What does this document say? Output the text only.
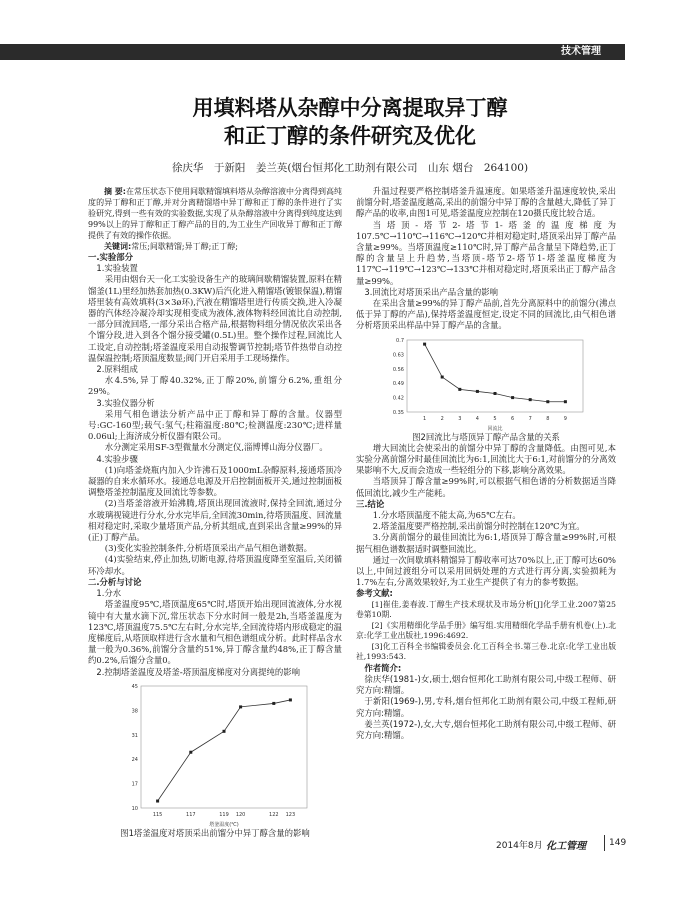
技术管理
用填料塔从杂醇中分离提取异丁醇
和正丁醇的条件研究及优化
徐庆华　于新阳　姜兰英(烟台恒邦化工助剂有限公司　山东 烟台　264100)

摘 要:在常压状态下使用间歇精馏填料塔从杂醇溶液中分离得到高纯度的异丁醇和正丁醇,并对分离精馏塔中异丁醇和正丁醇的条件进行了实验研究,得到一些有效的实验数据,实现了从杂醇溶液中分离得到纯度达到99%以上的异丁醇和正丁醇产品的目的,为工业生产回收异丁醇和正丁醇提供了有效的操作依据。

关键词:常压;间歇精馏;异丁醇;正丁醇;

一.实验部分

1.实验装置

采用由烟台天一化工实验设备生产的玻璃间歇精馏装置,原料在精馏釜(1L)里经加热套加热(0.3KW)后汽化进入精馏塔(镀银保温),精馏塔里装有高效填料(3×3ø环),汽液在精馏塔里进行传质交换,进入冷凝器的汽体经冷凝冷却实现相变成为液体,液体物料经回流比自动控制,一部分回流回塔,一部分采出合格产品,根据物料组分情况依次采出各个馏分段,进入到各个馏分接受罐(0.5L)里。整个操作过程,回流比人工设定,自动控制;塔釜温度采用自动报警调节控制;塔节件热带自动控温保温控制;塔顶温度数显;阀门开启采用手工现场操作。

2.原料组成

水4.5%,异丁醇40.32%,正丁醇20%,前馏分6.2%,重组分29%。

3.实验仪器分析

采用气相色谱法分析产品中正丁醇和异丁醇的含量。仪器型号:GC-160型;载气:氢气;柱箱温度:80℃;检测温度:230℃;进样量0.06ul;上海济成分析仪器有限公司。

水分测定采用SF-3型微量水分测定仪,淄博博山海分仪器厂。

4.实验步骤

(1)向塔釜烧瓶内加入少许沸石及1000mL杂醇原料,接通塔顶冷凝器的自来水循环水。接通总电源及开启控制面板开关,通过控制面板调整塔釜控制温度及回流比等参数。

(2)当塔釜溶液开始沸腾,塔顶出现回流液时,保持全回流,通过分水玻璃视镜进行分水,分水完毕后,全回流30min,待塔顶温度、回流量相对稳定时,采取少量塔顶产品,分析其组成,直到采出含量≥99%的异(正)丁醇产品。

(3)变化实验控制条件,分析塔顶采出产品气相色谱数据。

(4)实验结束,停止加热,切断电源,待塔顶温度降至室温后,关闭循环冷却水。

二.分析与讨论

1.分水

塔釜温度95℃,塔顶温度65℃时,塔顶开始出现回流液体,分水视镜中有大量水滴下沉,常压状态下分水时间一般是2h,当塔釜温度为123℃,塔顶温度75.5℃左右时,分水完毕,全回流待塔内形成稳定的温度梯度后,从塔顶取样进行含水量和气相色谱组成分析。此时样品含水量一般为0.36%,前馏分含量约51%,异丁醇含量约48%,正丁醇含量约0.2%,后馏分含量0。

2.控制塔釜温度及塔釜-塔顶温度梯度对分离提纯的影响

115	117	119 120	122 123
10
17
24
31
38
45
塔釜温度(℃)

图1塔釜温度对塔顶采出前馏分中异丁醇含量的影响

升温过程要严格控制塔釜升温速度。如果塔釜升温速度较快,采出前馏分时,塔釜温度越高,采出的前馏分中异丁醇的含量越大,降低了异丁醇产品的收率,由图1可见,塔釜温度应控制在120摄氏度比较合适。

当塔顶-塔节2-塔节1-塔釜的温度梯度为107.5℃→110℃→116℃→120℃并相对稳定时,塔顶采出异丁醇产品含量≥99%。当塔顶温度≥110℃时,异丁醇产品含量呈下降趋势,正丁醇的含量呈上升趋势,当塔顶-塔节2-塔节1-塔釜温度梯度为117℃→119℃→123℃→133℃并相对稳定时,塔顶采出正丁醇产品含量≥99%。

3.回流比对塔顶采出产品含量的影响

在采出含量≥99%的异丁醇产品前,首先分离原料中的前馏分(沸点低于异丁醇的产品),保持塔釜温度恒定,设定不同的回流比,由气相色谱分析塔顶采出样品中异丁醇产品的含量。

1	2	3	4	5	6	7	8	9
0.35
0.42
0.49
0.56
0.63
0.7
回流比

图2回流比与塔顶异丁醇产品含量的关系

增大回流比会使采出的前馏分中异丁醇的含量降低。由图可见,本实验分离前馏分时最佳回流比为6:1,回流比大于6:1,对前馏分的分离效果影响不大,反而会造成一些轻组分的下移,影响分离效果。

当塔顶异丁醇含量≥99%时,可以根据气相色谱的分析数据适当降低回流比,减少生产能耗。

三.结论

1.分水塔顶温度不能太高,为65℃左右。

2.塔釜温度要严格控制,采出前馏分时控制在120℃为宜。

3.分离前馏分的最佳回流比为6:1,塔顶异丁醇含量≥99%时,可根据气相色谱数据适时调整回流比。

通过一次间歇填料精馏异丁醇收率可达70%以上,正丁醇可达60%以上,中间过渡组分可以采用回炳处理的方式进行再分离,实验损耗为1.7%左右,分离效果较好,为工业生产提供了有力的参考数据。

参考文献:

[1]崔佳,姜春波.丁醇生产技术现状及市场分析[J]化学工业.2007第25卷第10期.

[2]《实用精细化学品手册》编写组.实用精细化学品手册有机卷(上).北京:化学工业出版社,1996:4692.

[3]化工百科全书编辑委员会.化工百科全书.第三卷.北京:化学工业出版社,1993:543.

作者简介:

徐庆华(1981-)女,硕士,烟台恒邦化工助剂有限公司,中级工程师、研究方向:精馏。

于新阳(1969-),男,专科,烟台恒邦化工助剂有限公司,中级工程师,研究方向:精馏。

姜兰英(1972-),女,大专,烟台恒邦化工助剂有限公司,中级工程师、研究方向:精馏。

2014年8月 化工管理	149
